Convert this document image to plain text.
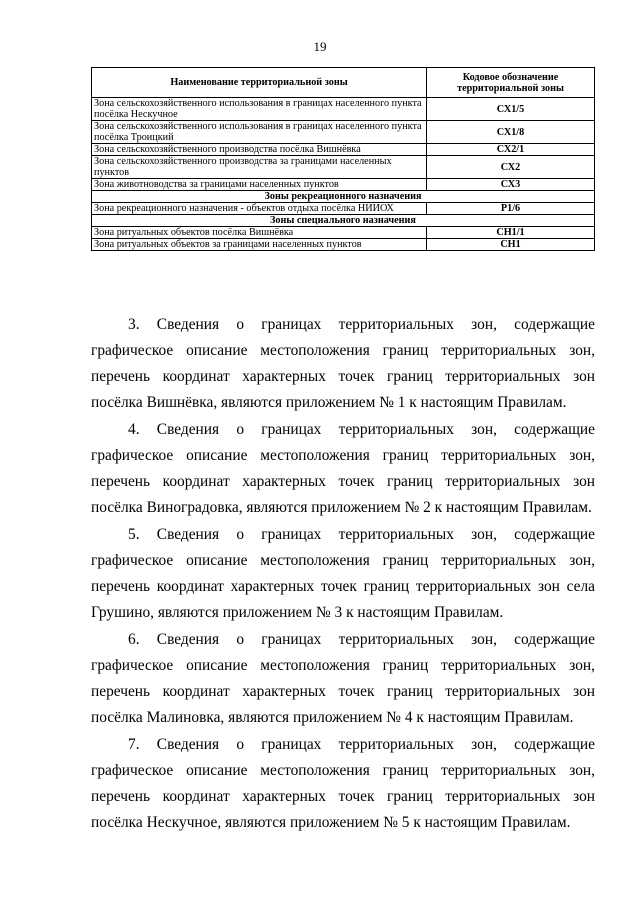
19
Наименование территориальной зоны	Кодовое обозначение территориальной зоны
Зона сельскохозяйственного использования в границах населенного пункта посёлка Нескучное	СХ1/5
Зона сельскохозяйственного использования в границах населенного пункта посёлка Троицкий	СХ1/8
Зона сельскохозяйственного производства посёлка Вишнёвка	СХ2/1
Зона сельскохозяйственного производства за границами населенных пунктов	СХ2
Зона животноводства за границами населенных пунктов	СХ3
Зоны рекреационного назначения	
Зона рекреационного назначения - объектов отдыха посёлка НИИОХ	Р1/6
Зоны специального назначения	
Зона ритуальных объектов посёлка Вишнёвка	СН1/1
Зона ритуальных объектов за границами населенных пунктов	СН1

3. Сведения о границах территориальных зон, содержащие графическое описание местоположения границ территориальных зон, перечень координат характерных точек границ территориальных зон посёлка Вишнёвка, являются приложением № 1 к настоящим Правилам.

4. Сведения о границах территориальных зон, содержащие графическое описание местоположения границ территориальных зон, перечень координат характерных точек границ территориальных зон посёлка Виноградовка, являются приложением № 2 к настоящим Правилам.

5. Сведения о границах территориальных зон, содержащие графическое описание местоположения границ территориальных зон, перечень координат характерных точек границ территориальных зон села Грушино, являются приложением № 3 к настоящим Правилам.

6. Сведения о границах территориальных зон, содержащие графическое описание местоположения границ территориальных зон, перечень координат характерных точек границ территориальных зон посёлка Малиновка, являются приложением № 4 к настоящим Правилам.

7. Сведения о границах территориальных зон, содержащие графическое описание местоположения границ территориальных зон, перечень координат характерных точек границ территориальных зон посёлка Нескучное, являются приложением № 5 к настоящим Правилам.
